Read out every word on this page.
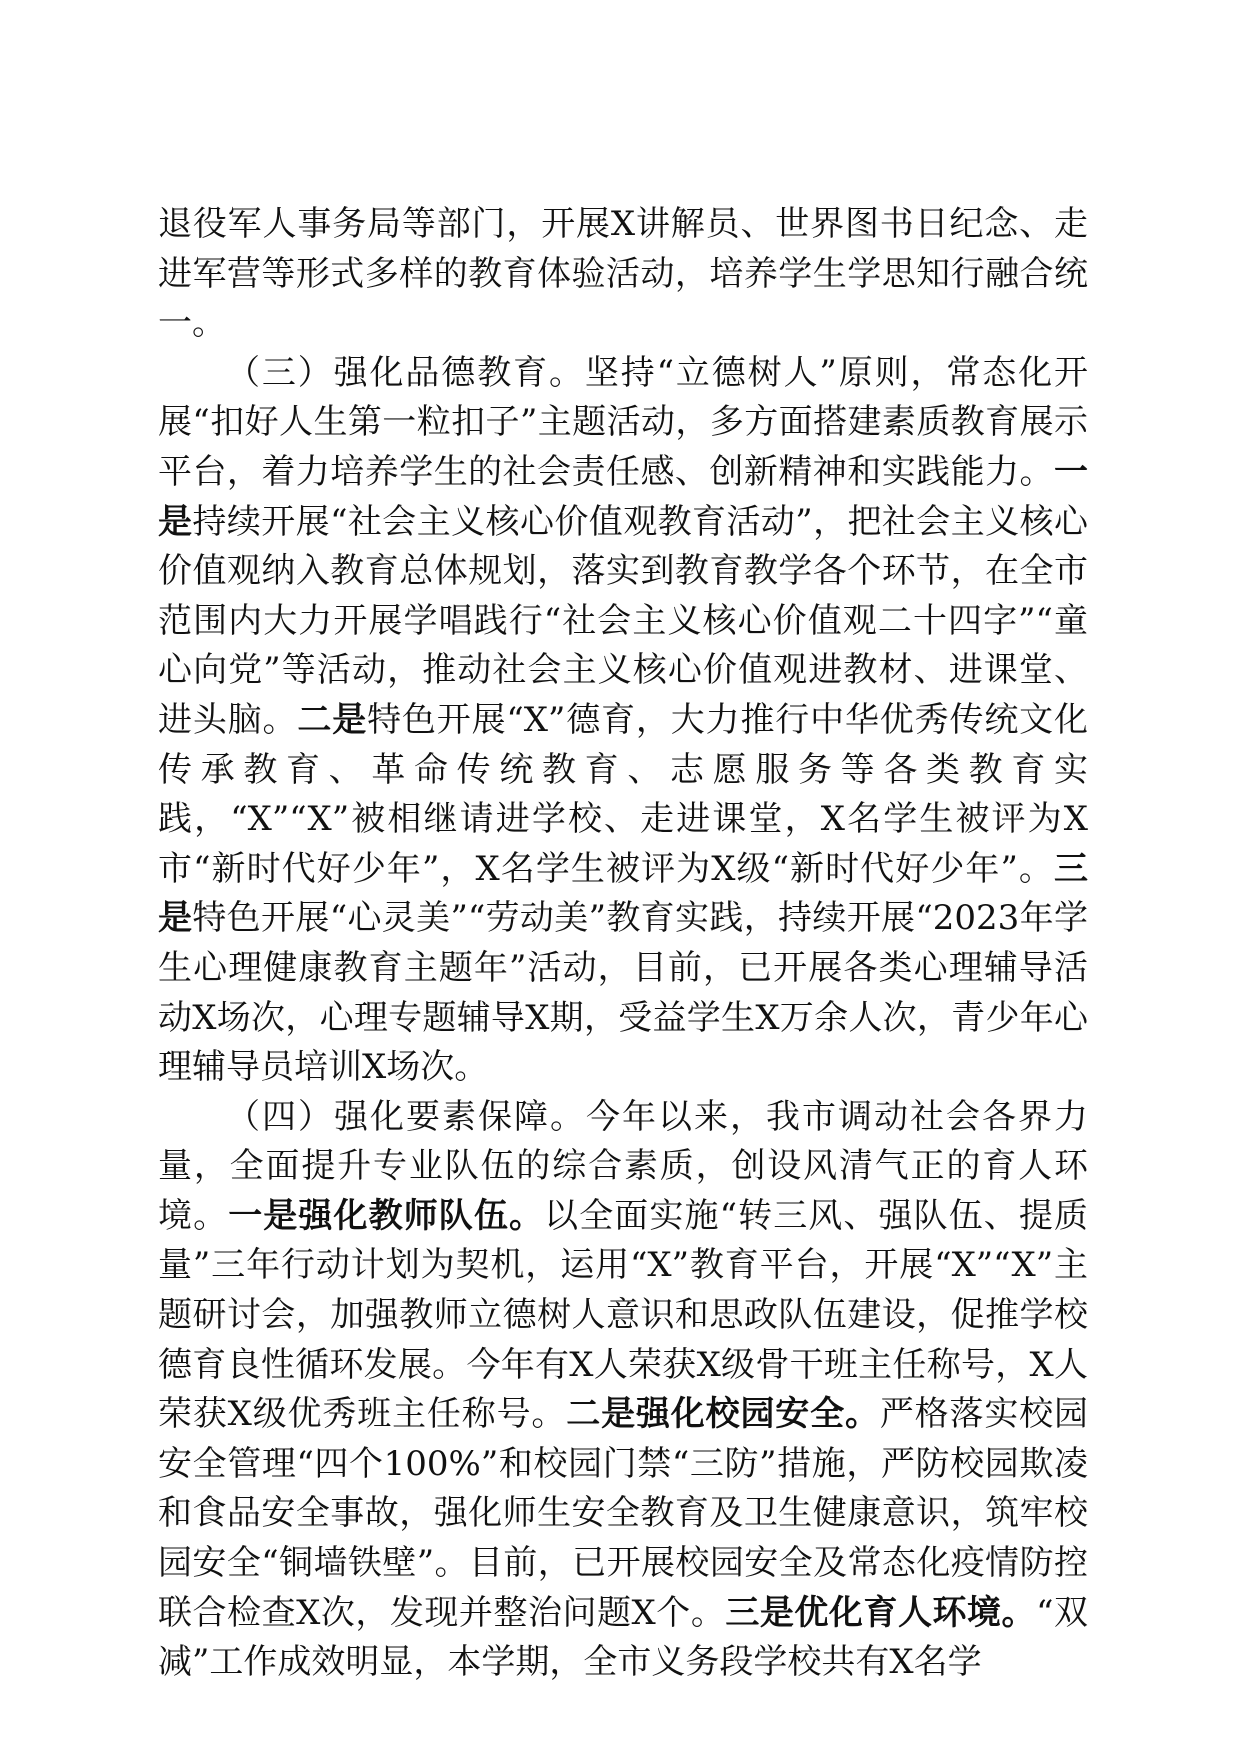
退役军人事务局等部门，开展X讲解员、世界图书日纪念、走进军营等形式多样的教育体验活动，培养学生学思知行融合统一。

（三）强化品德教育。坚持“立德树人”原则，常态化开展“扣好人生第一粒扣子”主题活动，多方面搭建素质教育展示平台，着力培养学生的社会责任感、创新精神和实践能力。一是持续开展“社会主义核心价值观教育活动”，把社会主义核心价值观纳入教育总体规划，落实到教育教学各个环节，在全市范围内大力开展学唱践行“社会主义核心价值观二十四字”“童心向党”等活动，推动社会主义核心价值观进教材、进课堂、进头脑。二是特色开展“X”德育，大力推行中华优秀传统文化传承教育、革命传统教育、志愿服务等各类教育实践，“X”“X”被相继请进学校、走进课堂，X名学生被评为X市“新时代好少年”，X名学生被评为X级“新时代好少年”。三是特色开展“心灵美”“劳动美”教育实践，持续开展“2023年学生心理健康教育主题年”活动，目前，已开展各类心理辅导活动X场次，心理专题辅导X期，受益学生X万余人次，青少年心理辅导员培训X场次。

（四）强化要素保障。今年以来，我市调动社会各界力量，全面提升专业队伍的综合素质，创设风清气正的育人环境。一是强化教师队伍。以全面实施“转三风、强队伍、提质量”三年行动计划为契机，运用“X”教育平台，开展“X”“X”主题研讨会，加强教师立德树人意识和思政队伍建设，促推学校德育良性循环发展。今年有X人荣获X级骨干班主任称号，X人荣获X级优秀班主任称号。二是强化校园安全。严格落实校园安全管理“四个100%”和校园门禁“三防”措施，严防校园欺凌和食品安全事故，强化师生安全教育及卫生健康意识，筑牢校园安全“铜墙铁壁”。目前，已开展校园安全及常态化疫情防控联合检查X次，发现并整治问题X个。三是优化育人环境。“双减”工作成效明显，本学期，全市义务段学校共有X名学
